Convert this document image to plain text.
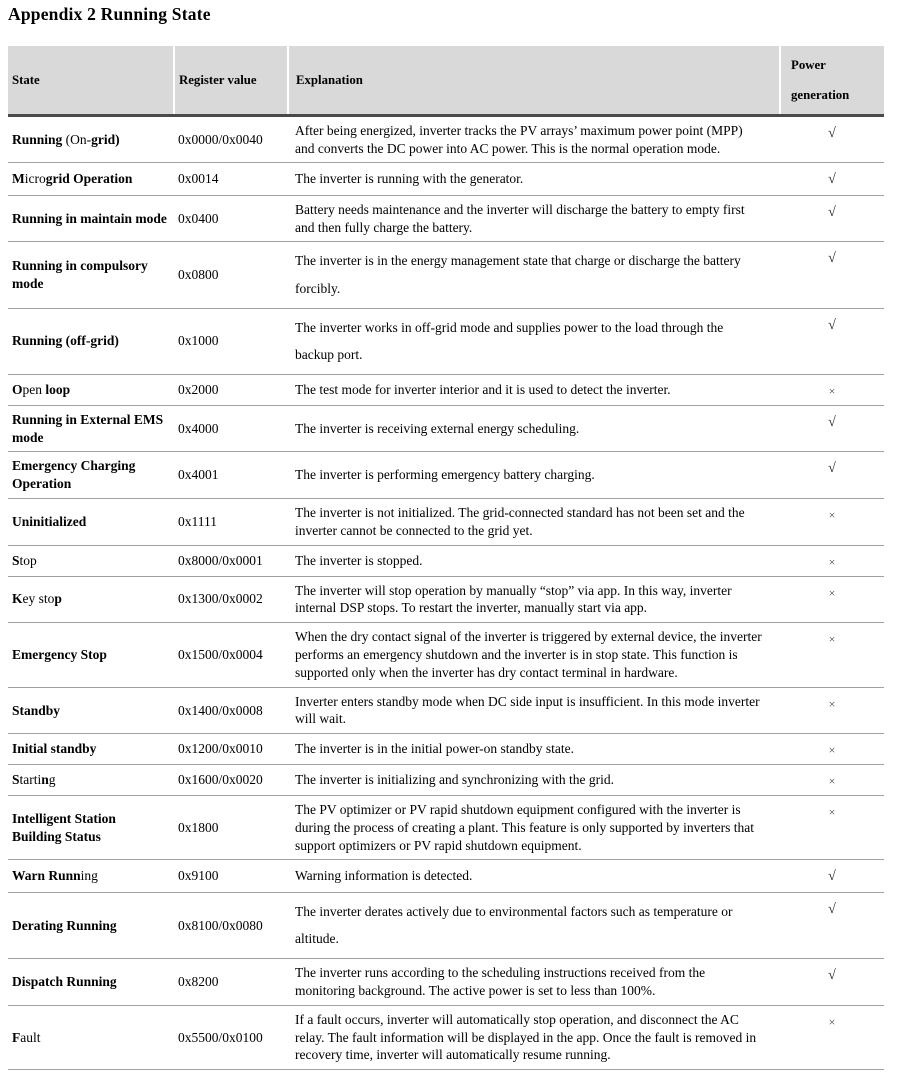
Appendix 2 Running State
State	Register value	Explanation	Power generation
Running (On-grid)	0x0000/0x0040	After being energized, inverter tracks the PV arrays’ maximum power point (MPP) and converts the DC power into AC power. This is the normal operation mode.	√
Microgrid Operation	0x0014	The inverter is running with the generator.	√
Running in maintain mode	0x0400	Battery needs maintenance and the inverter will discharge the battery to empty first and then fully charge the battery.	√
Running in compulsory mode	0x0800	The inverter is in the energy management state that charge or discharge the battery forcibly.	√
Running (off-grid)	0x1000	The inverter works in off-grid mode and supplies power to the load through the backup port.	√
Open loop	0x2000	The test mode for inverter interior and it is used to detect the inverter.	×
Running in External EMS mode	0x4000	The inverter is receiving external energy scheduling.	√
Emergency Charging Operation	0x4001	The inverter is performing emergency battery charging.	√
Uninitialized	0x1111	The inverter is not initialized. The grid-connected standard has not been set and the inverter cannot be connected to the grid yet.	×
Stop	0x8000/0x0001	The inverter is stopped.	×
Key stop	0x1300/0x0002	The inverter will stop operation by manually “stop” via app. In this way, inverter internal DSP stops. To restart the inverter, manually start via app.	×
Emergency Stop	0x1500/0x0004	When the dry contact signal of the inverter is triggered by external device, the inverter performs an emergency shutdown and the inverter is in stop state. This function is supported only when the inverter has dry contact terminal in hardware.	×
Standby	0x1400/0x0008	Inverter enters standby mode when DC side input is insufficient. In this mode inverter will wait.	×
Initial standby	0x1200/0x0010	The inverter is in the initial power-on standby state.	×
Starting	0x1600/0x0020	The inverter is initializing and synchronizing with the grid.	×
Intelligent Station Building Status	0x1800	The PV optimizer or PV rapid shutdown equipment configured with the inverter is during the process of creating a plant. This feature is only supported by inverters that support optimizers or PV rapid shutdown equipment.	×
Warn Running	0x9100	Warning information is detected.	√
Derating Running	0x8100/0x0080	The inverter derates actively due to environmental factors such as temperature or altitude.	√
Dispatch Running	0x8200	The inverter runs according to the scheduling instructions received from the monitoring background. The active power is set to less than 100%.	√
Fault	0x5500/0x0100	If a fault occurs, inverter will automatically stop operation, and disconnect the AC relay. The fault information will be displayed in the app. Once the fault is removed in recovery time, inverter will automatically resume running.	×
